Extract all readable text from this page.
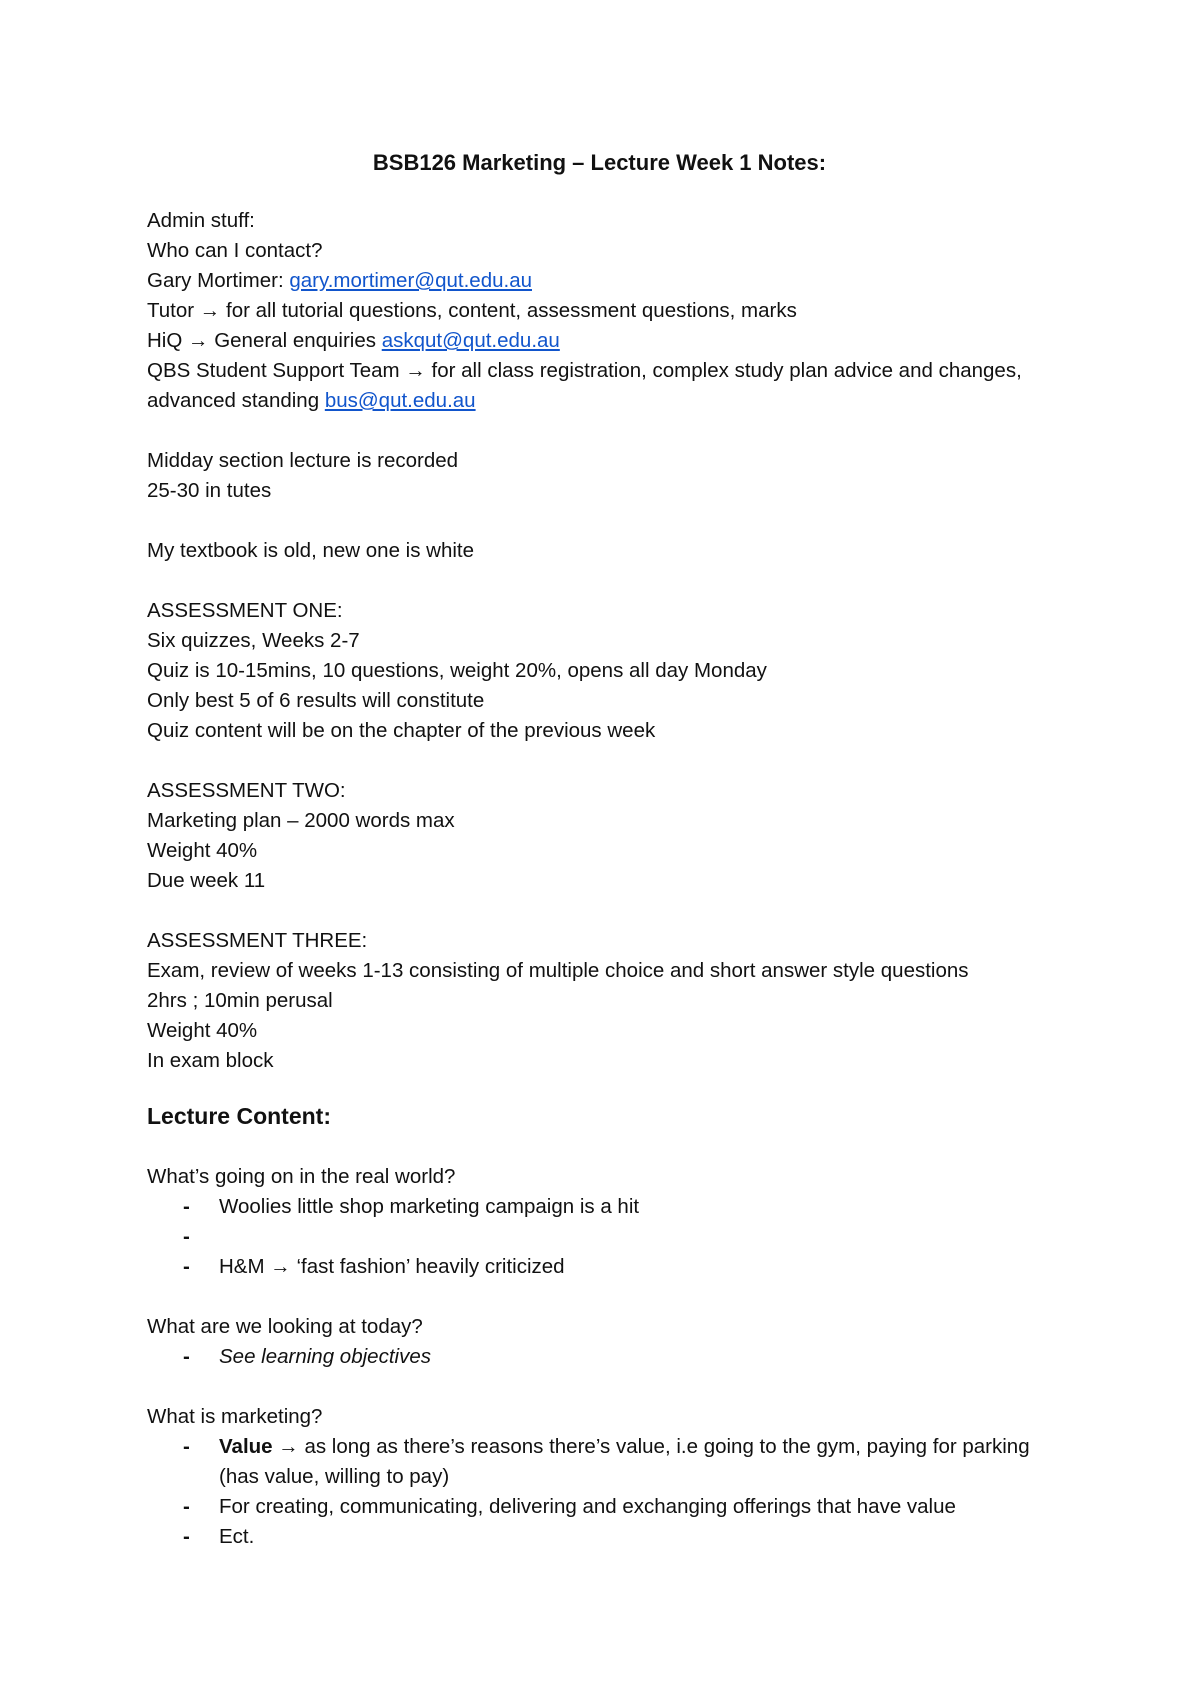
BSB126 Marketing – Lecture Week 1 Notes:

Admin stuff:

Who can I contact?

Gary Mortimer: gary.mortimer@qut.edu.au

Tutor → for all tutorial questions, content, assessment questions, marks

HiQ → General enquiries askqut@qut.edu.au

QBS Student Support Team → for all class registration, complex study plan advice and changes, advanced standing bus@qut.edu.au

Midday section lecture is recorded

25-30 in tutes

My textbook is old, new one is white

ASSESSMENT ONE:

Six quizzes, Weeks 2-7

Quiz is 10-15mins, 10 questions, weight 20%, opens all day Monday

Only best 5 of 6 results will constitute

Quiz content will be on the chapter of the previous week

ASSESSMENT TWO:

Marketing plan – 2000 words max

Weight 40%

Due week 11

ASSESSMENT THREE:

Exam, review of weeks 1-13 consisting of multiple choice and short answer style questions

2hrs ; 10min perusal

Weight 40%

In exam block

Lecture Content:

What’s going on in the real world?

- Woolies little shop marketing campaign is a hit
-
- H&M → ‘fast fashion’ heavily criticized

What are we looking at today?

- See learning objectives

What is marketing?

- Value → as long as there’s reasons there’s value, i.e going to the gym, paying for parking (has value, willing to pay)
- For creating, communicating, delivering and exchanging offerings that have value
- Ect.
